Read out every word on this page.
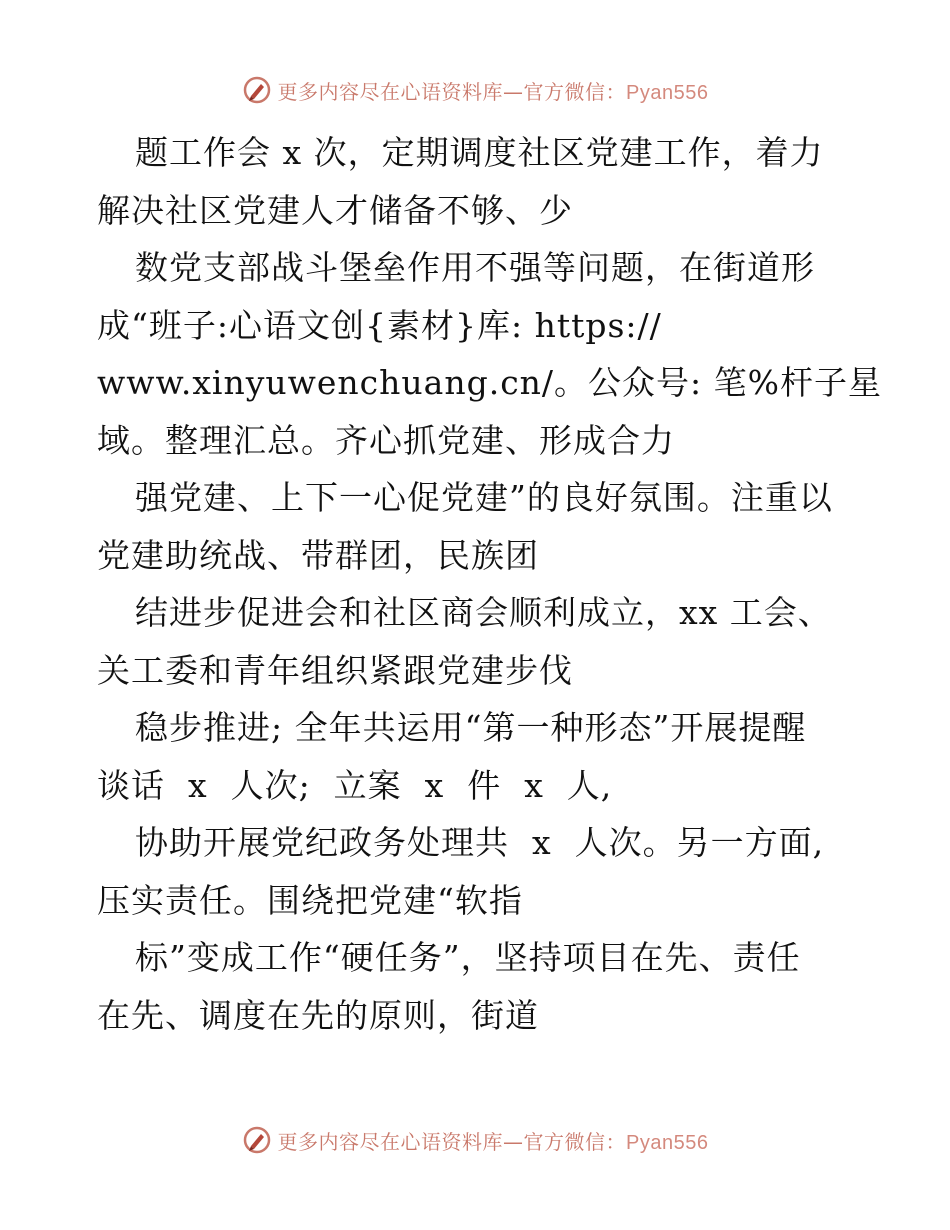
更多内容尽在心语资料库—官方微信：Pyan556
题工作会 x 次，定期调度社区党建工作，着力
解决社区党建人才储备不够、少
数党支部战斗堡垒作用不强等问题，在街道形
成“班子:心语文创{素材}库: https://
www.xinyuwenchuang.cn/。公众号: 笔%杆子星
域。整理汇总。齐心抓党建、形成合力
强党建、上下一心促党建”的良好氛围。注重以
党建助统战、带群团，民族团
结进步促进会和社区商会顺利成立，xx 工会、
关工委和青年组织紧跟党建步伐
稳步推进; 全年共运用“第一种形态”开展提醒
谈话  x  人次;  立案  x  件  x  人,
协助开展党纪政务处理共  x  人次。另一方面,
压实责任。围绕把党建“软指
标”变成工作“硬任务”，坚持项目在先、责任
在先、调度在先的原则，街道
更多内容尽在心语资料库—官方微信：Pyan556
